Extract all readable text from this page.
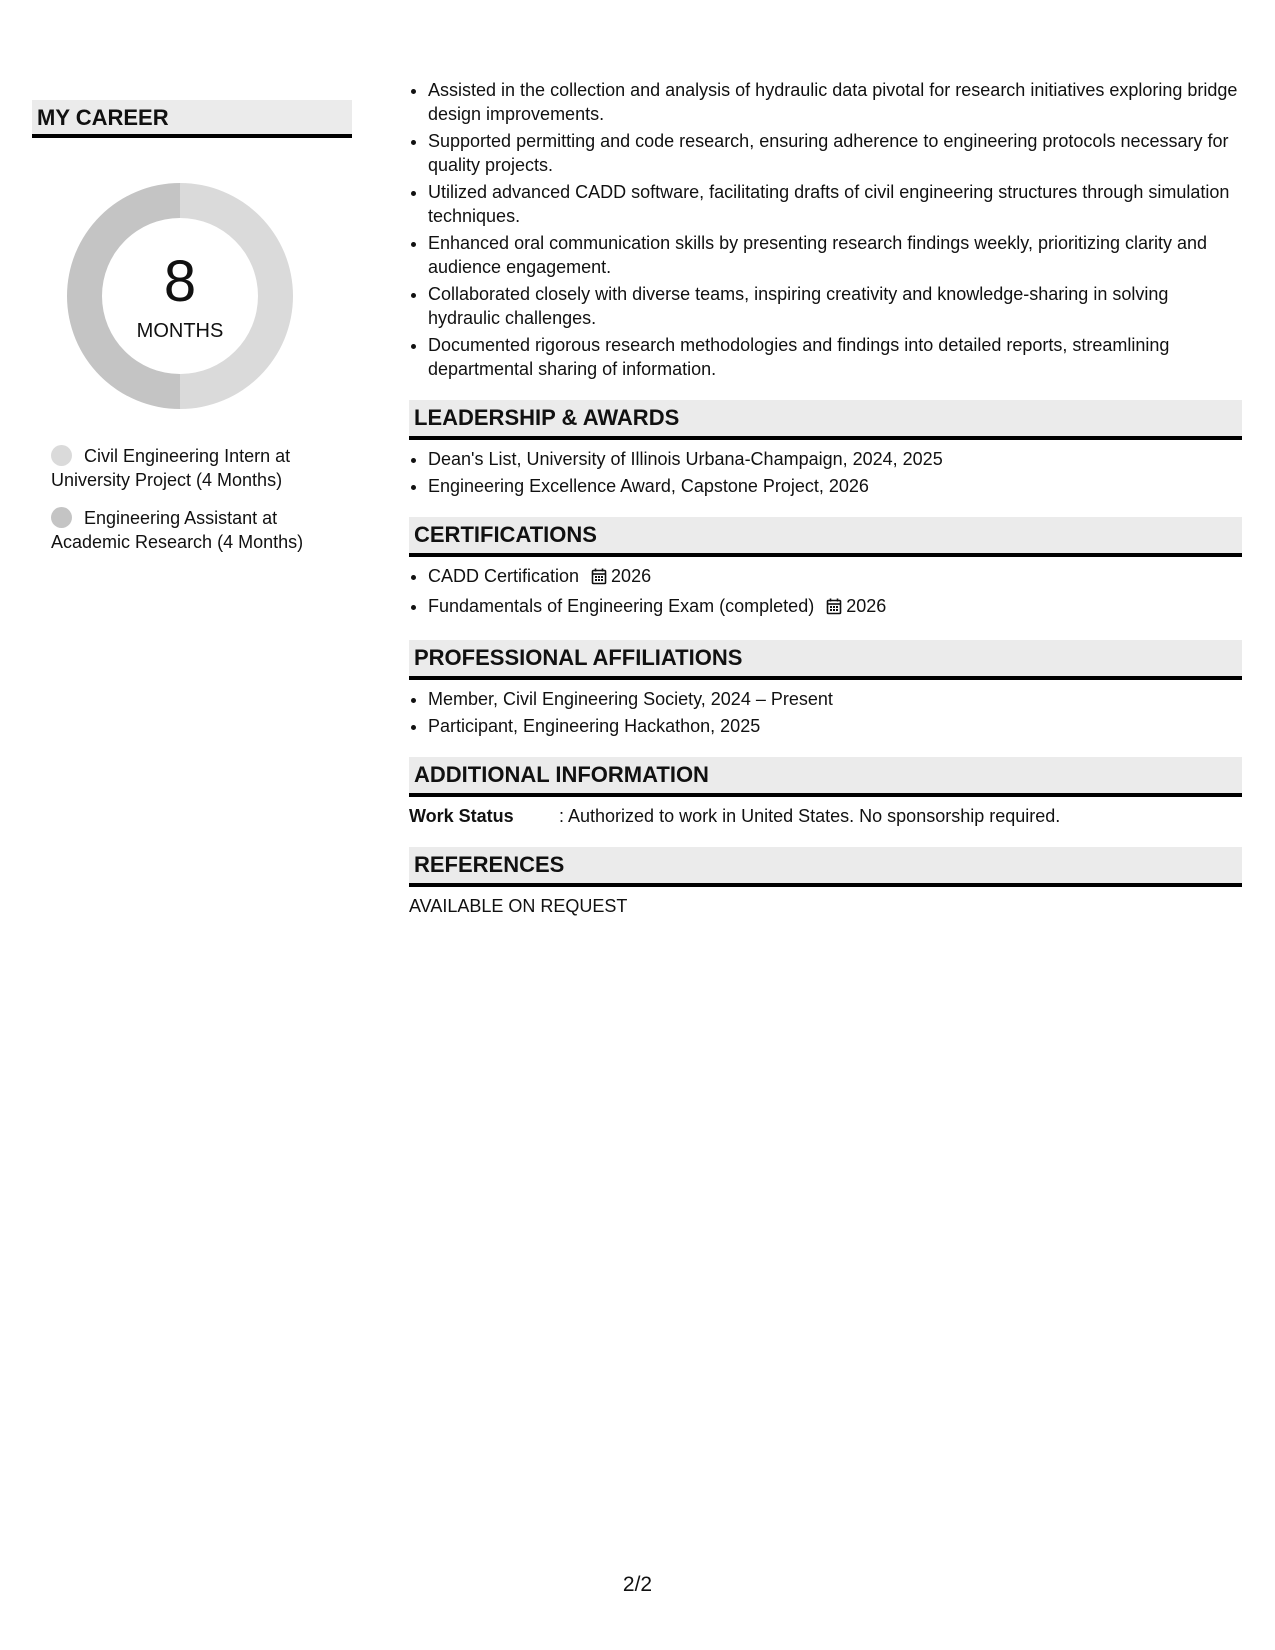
MY CAREER
8
MONTHS
Civil Engineering Intern at University Project (4 Months)
Engineering Assistant at Academic Research (4 Months)
• Assisted in the collection and analysis of hydraulic data pivotal for research initiatives exploring bridge design improvements.
• Supported permitting and code research, ensuring adherence to engineering protocols necessary for quality projects.
• Utilized advanced CADD software, facilitating drafts of civil engineering structures through simulation techniques.
• Enhanced oral communication skills by presenting research findings weekly, prioritizing clarity and audience engagement.
• Collaborated closely with diverse teams, inspiring creativity and knowledge-sharing in solving hydraulic challenges.
• Documented rigorous research methodologies and findings into detailed reports, streamlining departmental sharing of information.
LEADERSHIP & AWARDS
• Dean's List, University of Illinois Urbana-Champaign, 2024, 2025
• Engineering Excellence Award, Capstone Project, 2026
CERTIFICATIONS
• CADD Certification 2026
• Fundamentals of Engineering Exam (completed) 2026
PROFESSIONAL AFFILIATIONS
• Member, Civil Engineering Society, 2024 – Present
• Participant, Engineering Hackathon, 2025
ADDITIONAL INFORMATION
Work Status	: Authorized to work in United States. No sponsorship required.
REFERENCES
AVAILABLE ON REQUEST
2/2
